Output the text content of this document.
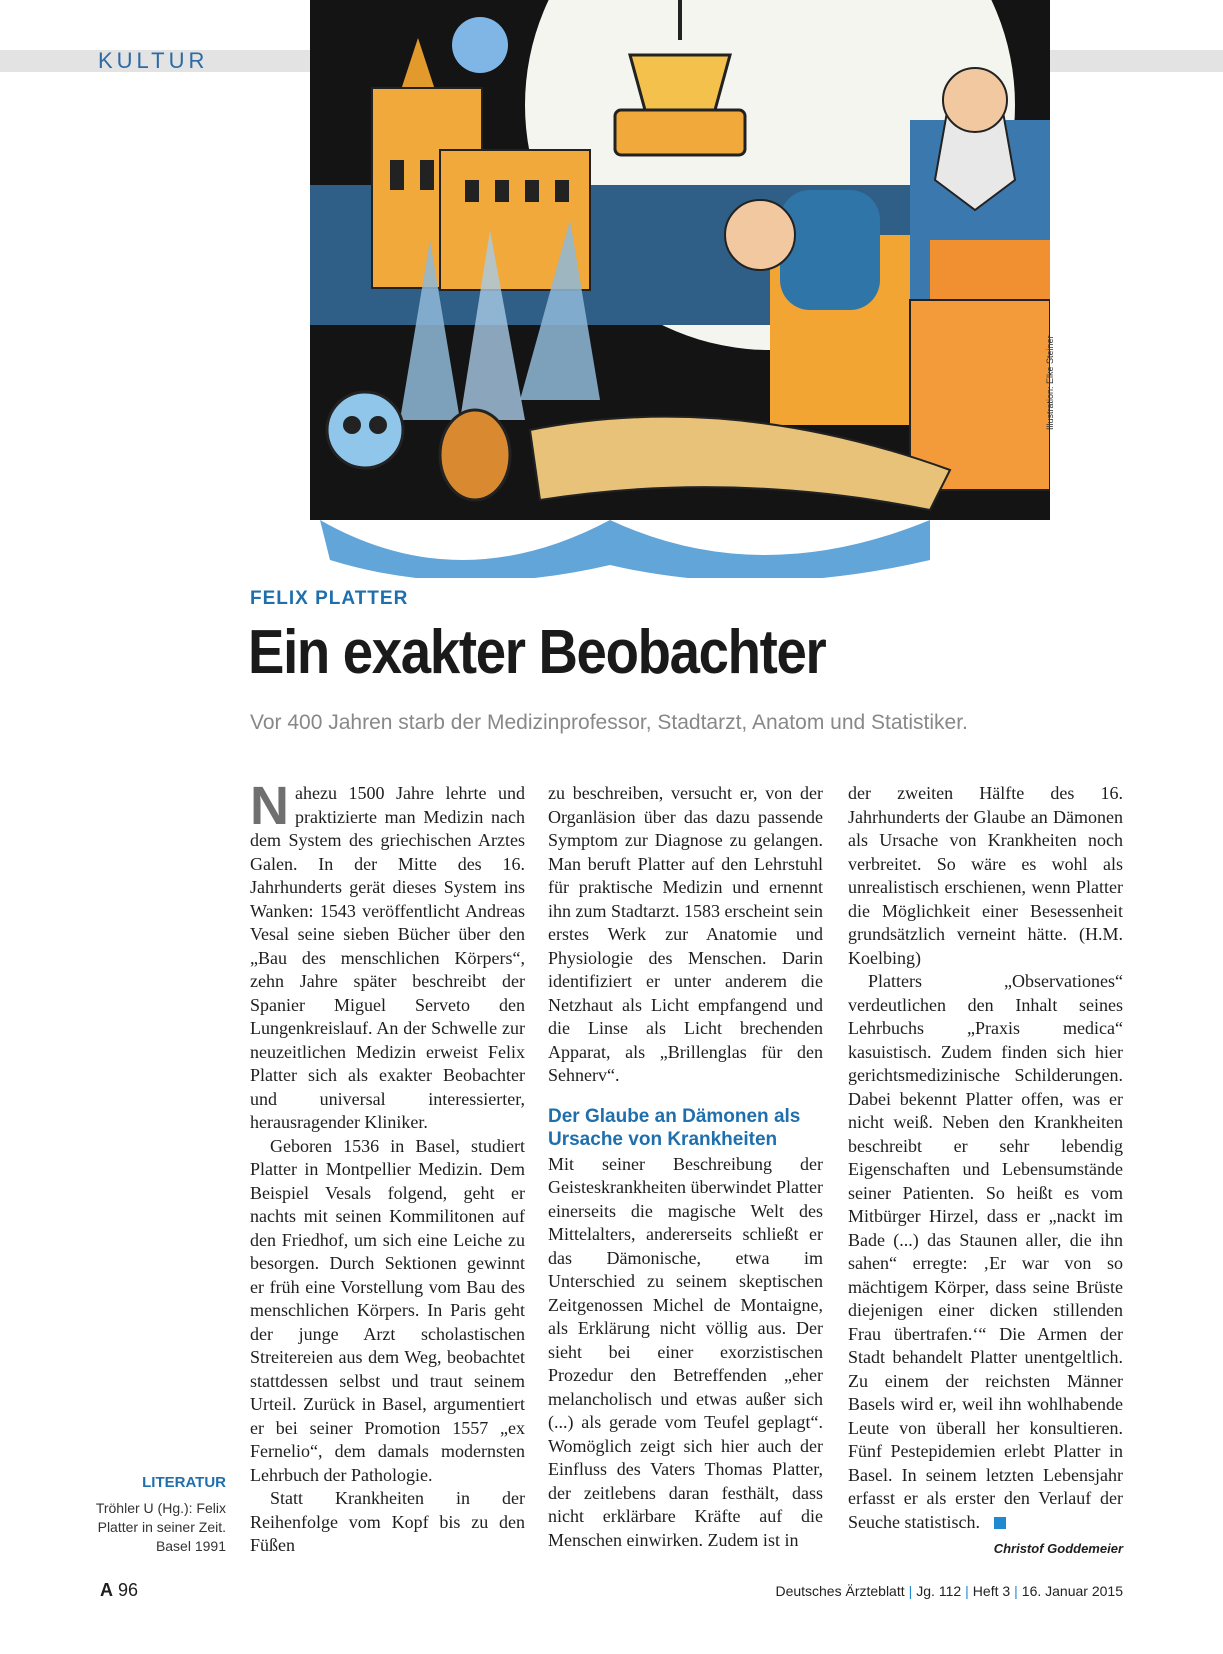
KULTUR
Illustration: Elke Steiner
FELIX PLATTER
Ein exakter Beobachter
Vor 400 Jahren starb der Medizinprofessor, Stadtarzt, Anatom und Statistiker.

Nahezu 1500 Jahre lehrte und praktizierte man Medizin nach dem System des griechischen Arztes Galen. In der Mitte des 16. Jahrhunderts gerät dieses System ins Wanken: 1543 veröffentlicht Andreas Vesal seine sieben Bücher über den „Bau des menschlichen Körpers“, zehn Jahre später beschreibt der Spanier Miguel Serveto den Lungenkreislauf. An der Schwelle zur neuzeitlichen Medizin erweist Felix Platter sich als exakter Beobachter und universal interessierter, herausragender Kliniker.

Geboren 1536 in Basel, studiert Platter in Montpellier Medizin. Dem Beispiel Vesals folgend, geht er nachts mit seinen Kommilitonen auf den Friedhof, um sich eine Leiche zu besorgen. Durch Sektionen gewinnt er früh eine Vorstellung vom Bau des menschlichen Körpers. In Paris geht der junge Arzt scholastischen Streitereien aus dem Weg, beobachtet stattdessen selbst und traut seinem Urteil. Zurück in Basel, argumentiert er bei seiner Promotion 1557 „ex Fernelio“, dem damals modernsten Lehrbuch der Pathologie.

Statt Krankheiten in der Reihenfolge vom Kopf bis zu den Füßen

zu beschreiben, versucht er, von der Organläsion über das dazu passende Symptom zur Diagnose zu gelangen. Man beruft Platter auf den Lehrstuhl für praktische Medizin und ernennt ihn zum Stadtarzt. 1583 erscheint sein erstes Werk zur Anatomie und Physiologie des Menschen. Darin identifiziert er unter anderem die Netzhaut als Licht empfangend und die Linse als Licht brechenden Apparat, als „Brillenglas für den Sehnerv“.

Der Glaube an Dämonen als Ursache von Krankheiten

Mit seiner Beschreibung der Geisteskrankheiten überwindet Platter einerseits die magische Welt des Mittelalters, andererseits schließt er das Dämonische, etwa im Unterschied zu seinem skeptischen Zeitgenossen Michel de Montaigne, als Erklärung nicht völlig aus. Der sieht bei einer exorzistischen Prozedur den Betreffenden „eher melancholisch und etwas außer sich (...) als gerade vom Teufel geplagt“. Womöglich zeigt sich hier auch der Einfluss des Vaters Thomas Platter, der zeitlebens daran festhält, dass nicht erklärbare Kräfte auf die Menschen einwirken. Zudem ist in

der zweiten Hälfte des 16. Jahrhunderts der Glaube an Dämonen als Ursache von Krankheiten noch verbreitet. So wäre es wohl als unrealistisch erschienen, wenn Platter die Möglichkeit einer Besessenheit grundsätzlich verneint hätte. (H.M. Koelbing)

Platters „Observationes“ verdeutlichen den Inhalt seines Lehrbuchs „Praxis medica“ kasuistisch. Zudem finden sich hier gerichtsmedizinische Schilderungen. Dabei bekennt Platter offen, was er nicht weiß. Neben den Krankheiten beschreibt er sehr lebendig Eigenschaften und Lebensumstände seiner Patienten. So heißt es vom Mitbürger Hirzel, dass er „nackt im Bade (...) das Staunen aller, die ihn sahen“ erregte: ‚Er war von so mächtigem Körper, dass seine Brüste diejenigen einer dicken stillenden Frau übertrafen.‘“ Die Armen der Stadt behandelt Platter unentgeltlich. Zu einem der reichsten Männer Basels wird er, weil ihn wohlhabende Leute von überall her konsultieren. Fünf Pestepidemien erlebt Platter in Basel. In seinem letzten Lebensjahr erfasst er als erster den Verlauf der Seuche statistisch.

Christof Goddemeier
LITERATUR
Tröhler U (Hg.): Felix
Platter in seiner Zeit.
Basel 1991
A 96	Deutsches Ärzteblatt | Jg. 112 | Heft 3 | 16. Januar 2015
